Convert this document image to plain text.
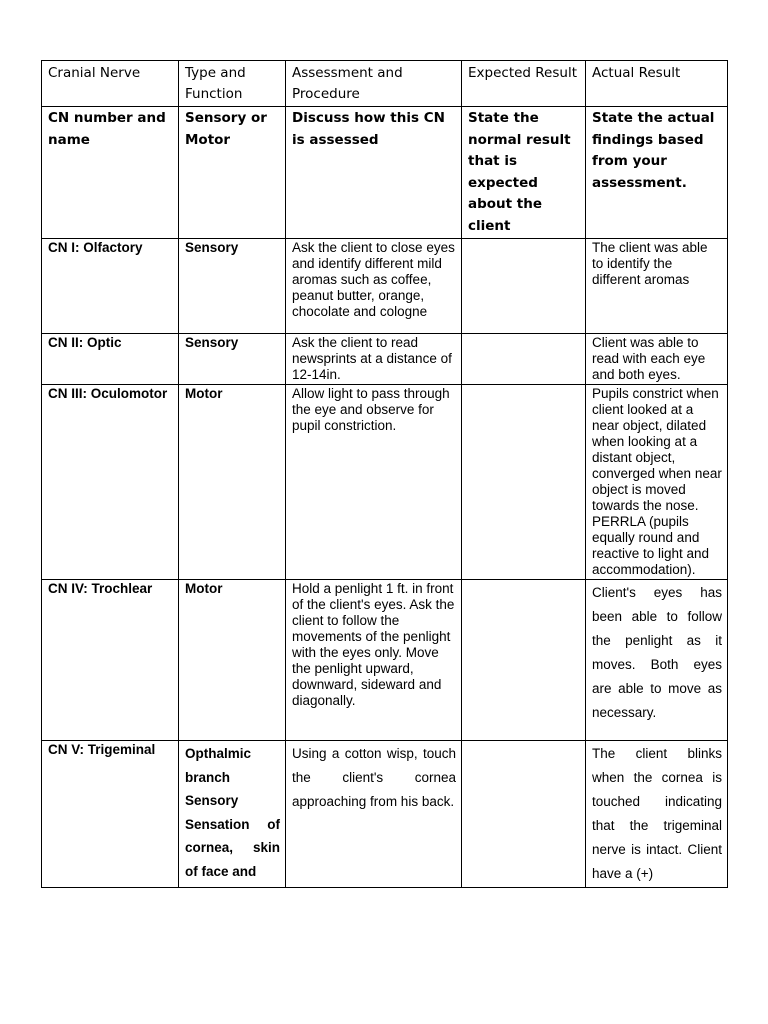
Cranial Nerve	Type and Function	Assessment and Procedure	Expected Result	Actual Result
CN number and name	Sensory or Motor	Discuss how this CN is assessed	State the normal result that is expected about the client	State the actual findings based from your assessment.
CN I: Olfactory	Sensory	Ask the client to close eyes and identify different mild aromas such as coffee, peanut butter, orange, chocolate and cologne		The client was able to identify the different aromas
CN II: Optic	Sensory	Ask the client to read newsprints at a distance of 12-14in.		Client was able to read with each eye and both eyes.
CN III: Oculomotor	Motor	Allow light to pass through the eye and observe for pupil constriction.		Pupils constrict when client looked at a near object, dilated when looking at a distant object, converged when near object is moved towards the nose. PERRLA (pupils equally round and reactive to light and accommodation).
CN IV: Trochlear	Motor	Hold a penlight 1 ft. in front of the client's eyes. Ask the client to follow the movements of the penlight with the eyes only. Move the penlight upward, downward, sideward and diagonally.		Client's eyes has been able to follow the penlight as it moves. Both eyes are able to move as necessary.
CN V: Trigeminal	Opthalmic branch Sensory Sensation of cornea, skin of face and	Using a cotton wisp, touch the client's cornea approaching from his back.		The client blinks when the cornea is touched indicating that the trigeminal nerve is intact. Client have a (+)
